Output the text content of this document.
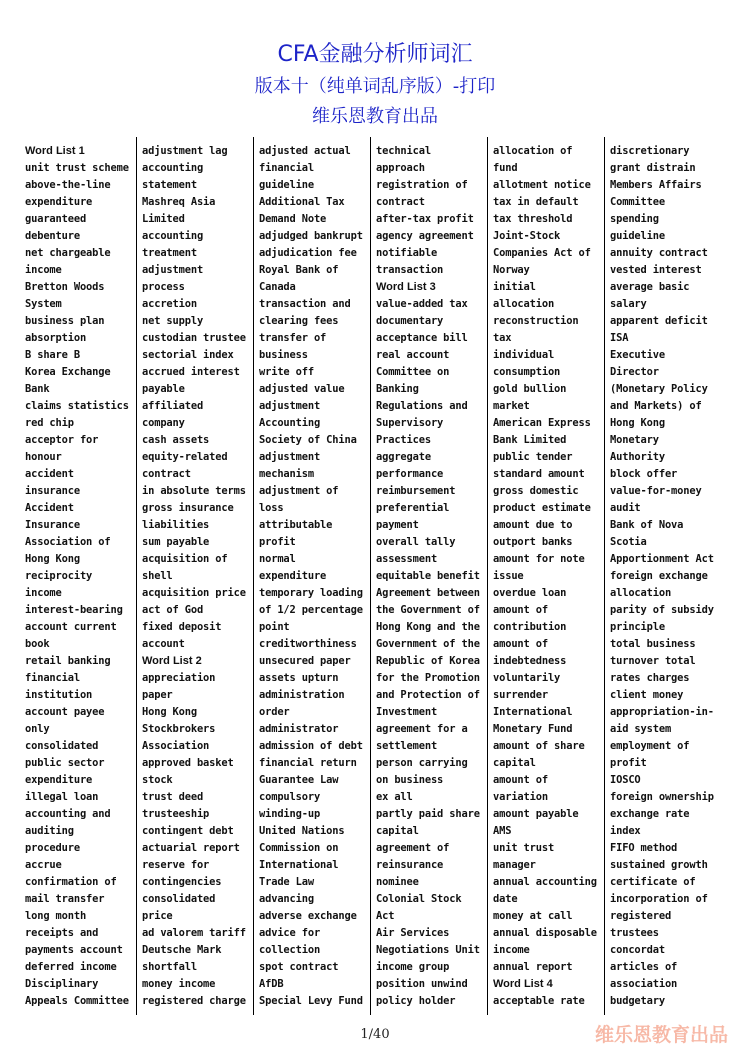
CFA金融分析师词汇
版本十（纯单词乱序版）-打印
维乐恩教育出品
Word List 1
unit trust scheme
above-the-line
expenditure
guaranteed
debenture
net chargeable
income
Bretton Woods
System
business plan
absorption
B share B
Korea Exchange
Bank
claims statistics
red chip
acceptor for
honour
accident
insurance
Accident
Insurance
Association of
Hong Kong
reciprocity
income
interest-bearing
account current
book
retail banking
financial
institution
account payee
only
consolidated
public sector
expenditure
illegal loan
accounting and
auditing
procedure
accrue
confirmation of
mail transfer
long month
receipts and
payments account
deferred income
Disciplinary
Appeals Committee
adjustment lag
accounting
statement
Mashreq Asia
Limited
accounting
treatment
adjustment
process
accretion
net supply
custodian trustee
sectorial index
accrued interest
payable
affiliated
company
cash assets
equity-related
contract
in absolute terms
gross insurance
liabilities
sum payable
acquisition of
shell
acquisition price
act of God
fixed deposit
account
Word List 2
appreciation
paper
Hong Kong
Stockbrokers
Association
approved basket
stock
trust deed
trusteeship
contingent debt
actuarial report
reserve for
contingencies
consolidated
price
ad valorem tariff
Deutsche Mark
shortfall
money income
registered charge
adjusted actual
financial
guideline
Additional Tax
Demand Note
adjudged bankrupt
adjudication fee
Royal Bank of
Canada
transaction and
clearing fees
transfer of
business
write off
adjusted value
adjustment
Accounting
Society of China
adjustment
mechanism
adjustment of
loss
attributable
profit
normal
expenditure
temporary loading
of 1/2 percentage
point
creditworthiness
unsecured paper
assets upturn
administration
order
administrator
admission of debt
financial return
Guarantee Law
compulsory
winding-up
United Nations
Commission on
International
Trade Law
advancing
adverse exchange
advice for
collection
spot contract
AfDB
Special Levy Fund
technical
approach
registration of
contract
after-tax profit
agency agreement
notifiable
transaction
Word List 3
value-added tax
documentary
acceptance bill
real account
Committee on
Banking
Regulations and
Supervisory
Practices
aggregate
performance
reimbursement
preferential
payment
overall tally
assessment
equitable benefit
Agreement between
the Government of
Hong Kong and the
Government of the
Republic of Korea
for the Promotion
and Protection of
Investment
agreement for a
settlement
person carrying
on business
ex all
partly paid share
capital
agreement of
reinsurance
nominee
Colonial Stock
Act
Air Services
Negotiations Unit
income group
position unwind
policy holder
allocation of
fund
allotment notice
tax in default
tax threshold
Joint-Stock
Companies Act of
Norway
initial
allocation
reconstruction
tax
individual
consumption
gold bullion
market
American Express
Bank Limited
public tender
standard amount
gross domestic
product estimate
amount due to
outport banks
amount for note
issue
overdue loan
amount of
contribution
amount of
indebtedness
voluntarily
surrender
International
Monetary Fund
amount of share
capital
amount of
variation
amount payable
AMS
unit trust
manager
annual accounting
date
money at call
annual disposable
income
annual report
Word List 4
acceptable rate
discretionary
grant distrain
Members Affairs
Committee
spending
guideline
annuity contract
vested interest
average basic
salary
apparent deficit
ISA
Executive
Director
(Monetary Policy
and Markets) of
Hong Kong
Monetary
Authority
block offer
value-for-money
audit
Bank of Nova
Scotia
Apportionment Act
foreign exchange
allocation
parity of subsidy
principle
total business
turnover total
rates charges
client money
appropriation-in-
aid system
employment of
profit
IOSCO
foreign ownership
exchange rate
index
FIFO method
sustained growth
certificate of
incorporation of
registered
trustees
concordat
articles of
association
budgetary
1/40	维乐恩教育出品
